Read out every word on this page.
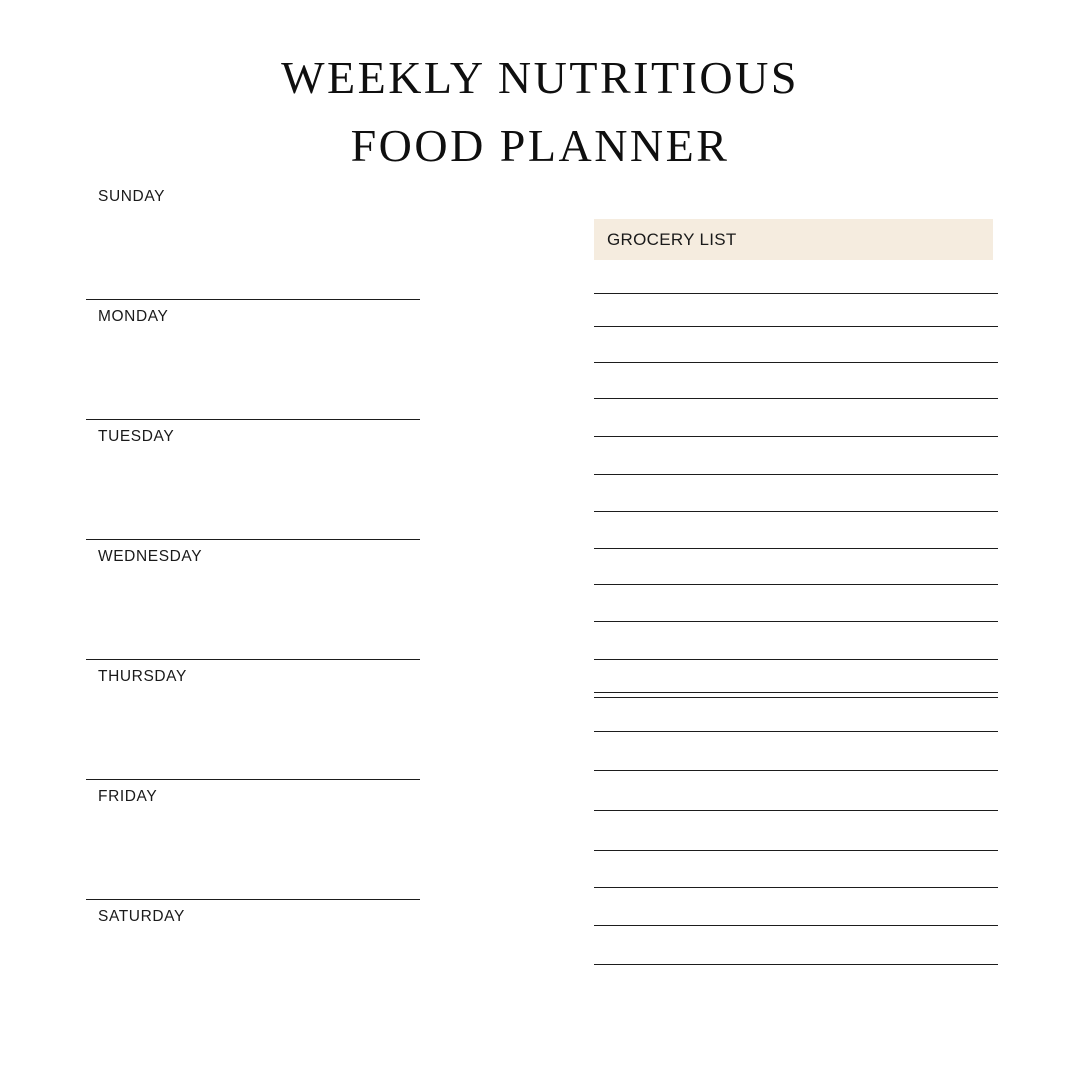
WEEKLY NUTRITIOUS
FOOD PLANNER
SUNDAY
MONDAY
TUESDAY
WEDNESDAY
THURSDAY
FRIDAY
SATURDAY
GROCERY LIST
